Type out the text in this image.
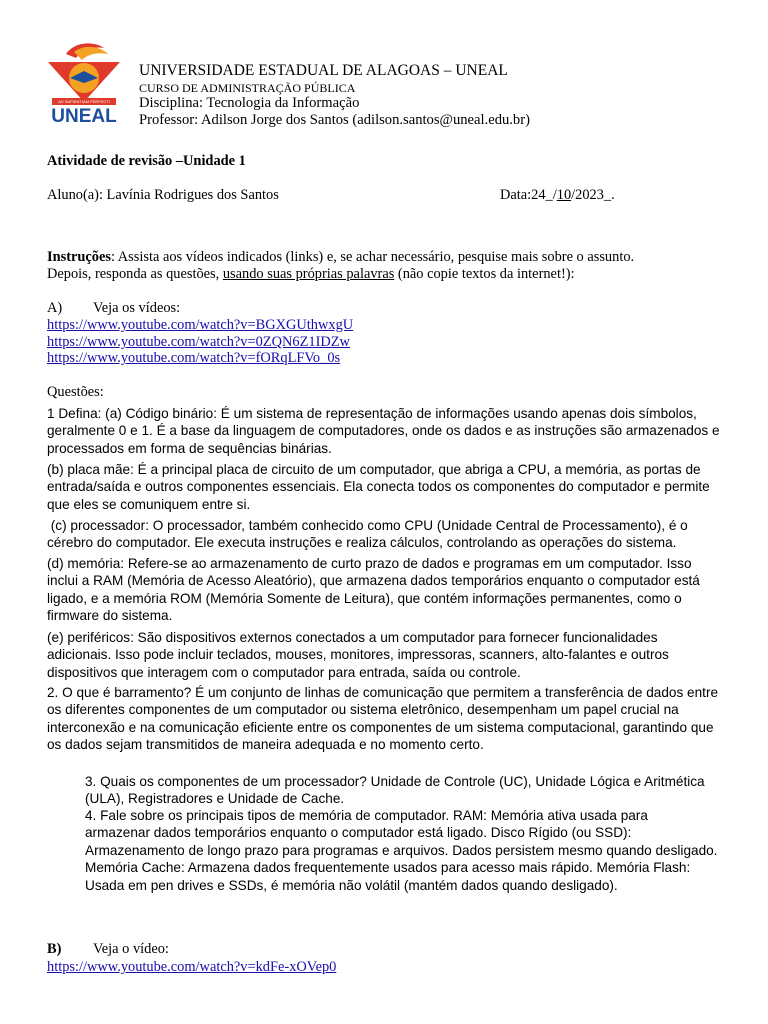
AD SAPIENTIAM PERFECTI
UNEAL
UNIVERSIDADE ESTADUAL DE ALAGOAS – UNEAL
CURSO DE ADMINISTRAÇÃO PÚBLICA
Disciplina: Tecnologia da Informação
Professor: Adilson Jorge dos Santos (adilson.santos@uneal.edu.br)
Atividade de revisão –Unidade 1
Aluno(a): Lavínia Rodrigues dos Santos	Data:24_/10/2023_.
Instruções: Assista aos vídeos indicados (links) e, se achar necessário, pesquise mais sobre o assunto.
Depois, responda as questões, usando suas próprias palavras (não copie textos da internet!):
A) Veja os vídeos:
https://www.youtube.com/watch?v=BGXGUthwxgU
https://www.youtube.com/watch?v=0ZQN6Z1IDZw
https://www.youtube.com/watch?v=fORqLFVo_0s
Questões:
1 Defina: (a) Código binário: É um sistema de representação de informações usando apenas dois símbolos,
geralmente 0 e 1. É a base da linguagem de computadores, onde os dados e as instruções são armazenados e
processados em forma de sequências binárias.
(b) placa mãe: É a principal placa de circuito de um computador, que abriga a CPU, a memória, as portas de
entrada/saída e outros componentes essenciais. Ela conecta todos os componentes do computador e permite
que eles se comuniquem entre si.
(c) processador: O processador, também conhecido como CPU (Unidade Central de Processamento), é o
cérebro do computador. Ele executa instruções e realiza cálculos, controlando as operações do sistema.
(d) memória: Refere-se ao armazenamento de curto prazo de dados e programas em um computador. Isso
inclui a RAM (Memória de Acesso Aleatório), que armazena dados temporários enquanto o computador está
ligado, e a memória ROM (Memória Somente de Leitura), que contém informações permanentes, como o
firmware do sistema.
(e) periféricos: São dispositivos externos conectados a um computador para fornecer funcionalidades
adicionais. Isso pode incluir teclados, mouses, monitores, impressoras, scanners, alto-falantes e outros
dispositivos que interagem com o computador para entrada, saída ou controle.
2. O que é barramento? É um conjunto de linhas de comunicação que permitem a transferência de dados entre
os diferentes componentes de um computador ou sistema eletrônico, desempenham um papel crucial na
interconexão e na comunicação eficiente entre os componentes de um sistema computacional, garantindo que
os dados sejam transmitidos de maneira adequada e no momento certo.
3. Quais os componentes de um processador? Unidade de Controle (UC), Unidade Lógica e Aritmética
(ULA), Registradores e Unidade de Cache.
4. Fale sobre os principais tipos de memória de computador. RAM: Memória ativa usada para
armazenar dados temporários enquanto o computador está ligado. Disco Rígido (ou SSD):
Armazenamento de longo prazo para programas e arquivos. Dados persistem mesmo quando desligado.
Memória Cache: Armazena dados frequentemente usados para acesso mais rápido. Memória Flash:
Usada em pen drives e SSDs, é memória não volátil (mantém dados quando desligado).
B) Veja o vídeo:
https://www.youtube.com/watch?v=kdFe-xOVep0
